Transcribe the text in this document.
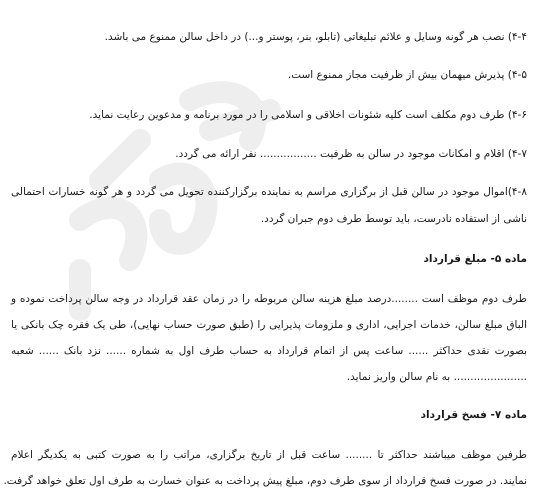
۴-۴) نصب هر گونه وسایل و علائم تبلیغاتی (تابلو، بنر، پوستر و...) در داخل سالن ممنوع می باشد.
۴-۵) پذیرش میهمان بیش از ظرفیت مجاز ممنوع است.
۴-۶) طرف دوم مکلف است کلیه شئونات اخلاقی و اسلامی را در مورد برنامه و مدعوین رعایت نماید.
۴-۷) اقلام و امکانات موجود در سالن به ظرفیت ................. نفر ارائه می گردد.
۴-۸)اموال موجود در سالن قبل از برگزاری مراسم به نماینده برگزارکننده تحویل می گردد و هر گونه خسارات احتمالی
ناشی از استفاده نادرست، باید توسط طرف دوم جبران گردد.
ماده ۵- مبلغ قرارداد
طرف دوم موظف است ........درصد مبلغ هزینه سالن مربوطه را در زمان عقد قرارداد در وجه سالن پرداخت نموده و
الباق مبلغ سالن، خدمات اجرایی، اداری و ملزومات پذیرایی را (طبق صورت حساب نهایی)، طی یک فقره چک بانکی یا
بصورت نقدی حداکثر ...... ساعت پس از اتمام قرارداد به حساب طرف اول به شماره ...... نزد بانک ...... شعبه
...................... به نام سالن واریز نماید.
ماده ۷- فسخ قرارداد
طرفین موظف میباشند حداکثر تا ........ ساعت قبل از تاریخ برگزاری، مراتب را به صورت کتبی به یکدیگر اعلام
نمایند. در صورت فسخ قرارداد از سوی طرف دوم، مبلغ پیش پرداخت به عنوان خسارت به طرف اول تعلق خواهد گرفت.
